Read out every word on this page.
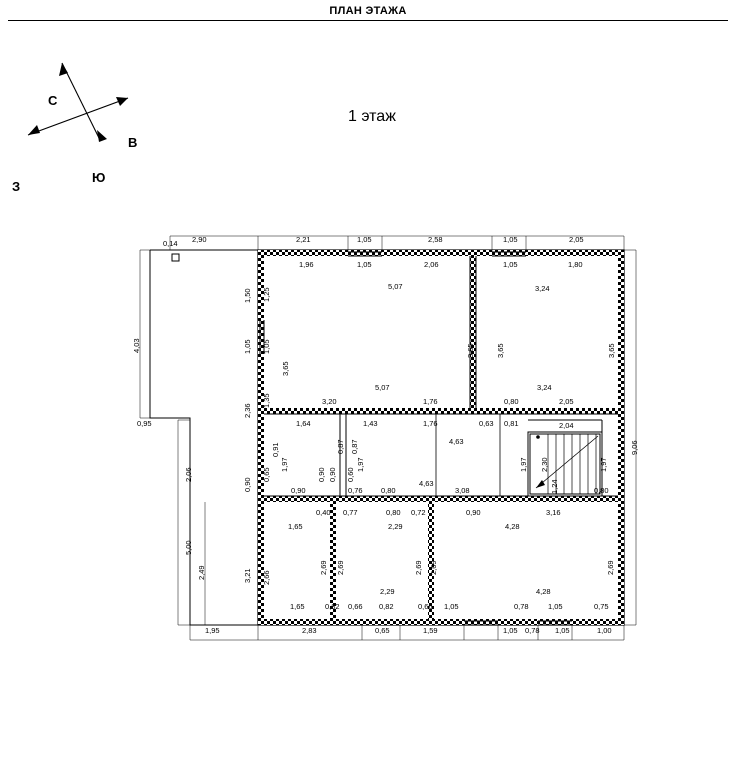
ПЛАН ЭТАЖА
С
В
З
Ю
1 этаж
2,90
0,14	2,21	1,05	2,58	1,05	2,05
1,96	1,05	2,06	1,05	1,80
5,07	3,24
5,07
3,20	1,76	0,80	2,05
3,24
1,76	0,63 0,81	2,04
4,63
1,64	1,43
0,90
0,40 0,77	0,80 0,72
0,76 0,80
4,63
3,08
0,90
2,29	4,28
3,16
0,80
1,65
2,29	4,28
1,65	0,82 0,66 0,82	0,66 1,05	0,78	1,05	0,75
2,83	0,65	1,59	1,05 0,78 1,05	1,00
1,95
0,95
4,03
2,06
5,00
2,49
1,50
1,05
2,36
0,90
3,21
1,25
1,05
1,35
0,65
2,66
3,65
0,91
1,97
0,90 0,90
0,87
0,60
0,87
1,97
2,69 2,69	2,69 2,69	2,69
3,65	3,65	3,65
1,97	1,97
1,24
2,30
9,06
